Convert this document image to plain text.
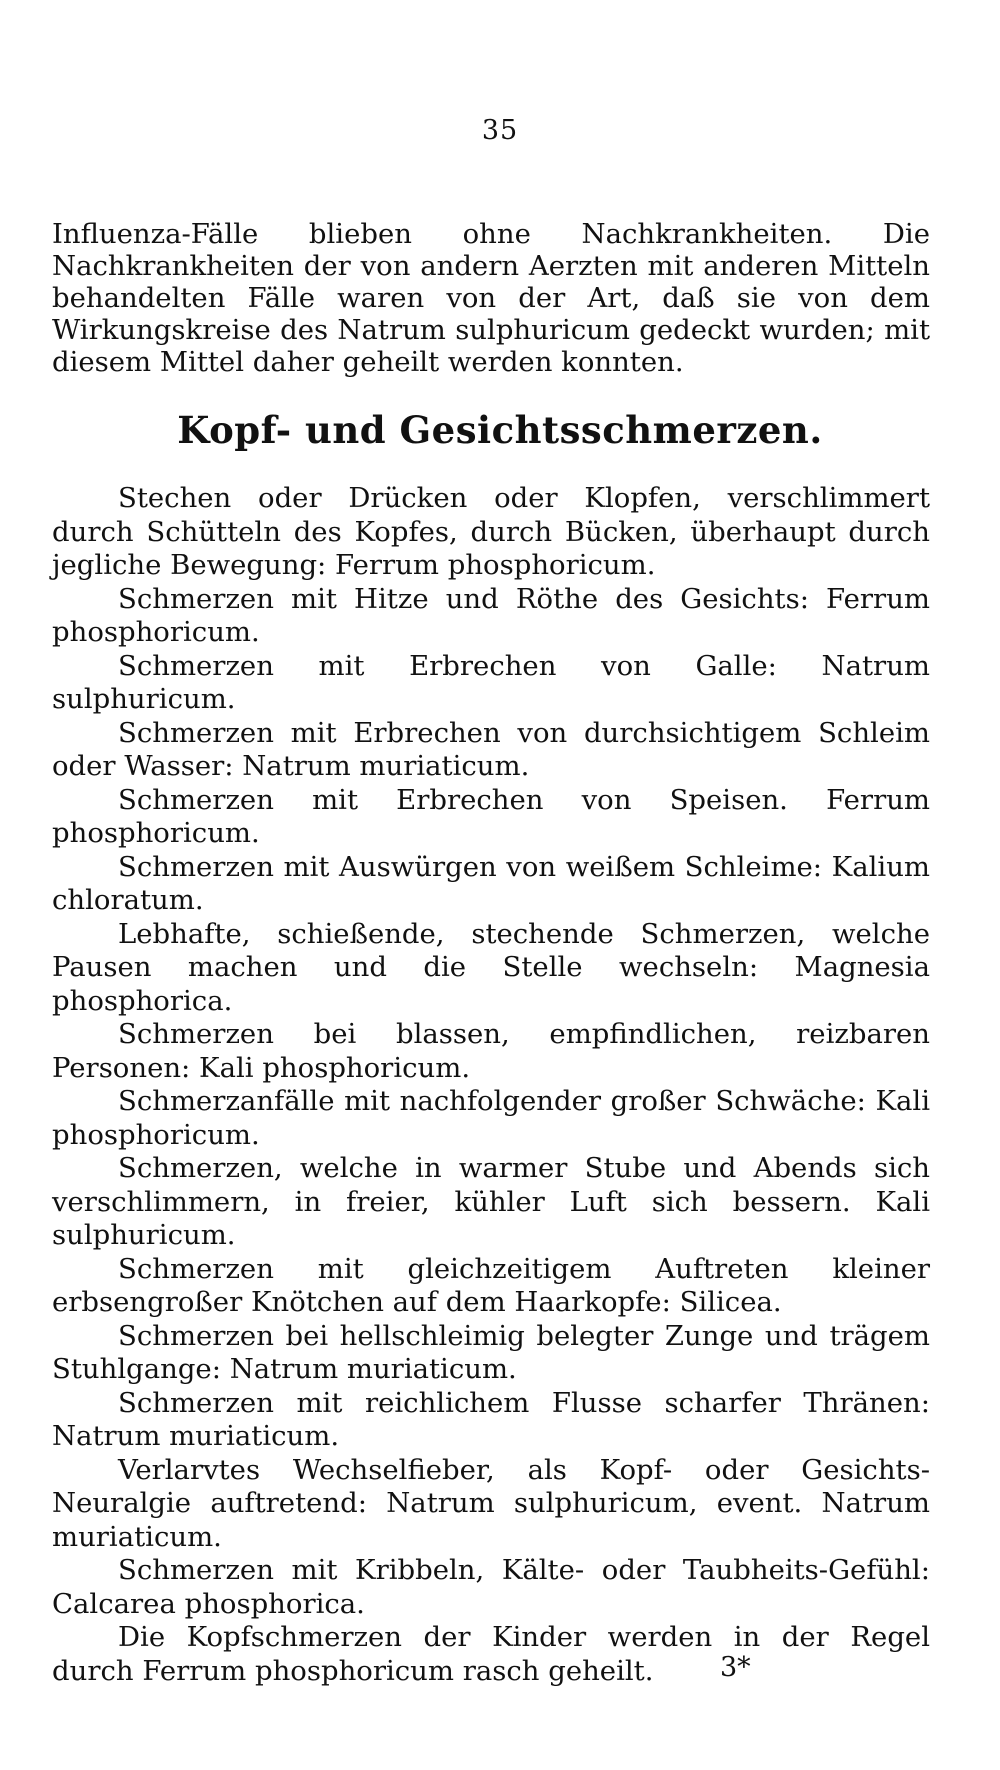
35

Influenza-Fälle blieben ohne Nachkrankheiten. Die Nachkrankheiten der von andern Aerzten mit anderen Mitteln behandelten Fälle waren von der Art, daß sie von dem Wirkungskreise des Natrum sulphuricum gedeckt wurden; mit diesem Mittel daher geheilt werden konnten.

Kopf- und Gesichtsschmerzen.

Stechen oder Drücken oder Klopfen, verschlimmert durch Schütteln des Kopfes, durch Bücken, überhaupt durch jegliche Bewegung: Ferrum phosphoricum.

Schmerzen mit Hitze und Röthe des Gesichts: Ferrum phosphoricum.

Schmerzen mit Erbrechen von Galle: Natrum sulphuricum.

Schmerzen mit Erbrechen von durchsichtigem Schleim oder Wasser: Natrum muriaticum.

Schmerzen mit Erbrechen von Speisen. Ferrum phosphoricum.

Schmerzen mit Auswürgen von weißem Schleime: Kalium chloratum.

Lebhafte, schießende, stechende Schmerzen, welche Pausen machen und die Stelle wechseln: Magnesia phosphorica.

Schmerzen bei blassen, empfindlichen, reizbaren Personen: Kali phosphoricum.

Schmerzanfälle mit nachfolgender großer Schwäche: Kali phosphoricum.

Schmerzen, welche in warmer Stube und Abends sich verschlimmern, in freier, kühler Luft sich bessern. Kali sulphuricum.

Schmerzen mit gleichzeitigem Auftreten kleiner erbsengroßer Knötchen auf dem Haarkopfe: Silicea.

Schmerzen bei hellschleimig belegter Zunge und trägem Stuhlgange: Natrum muriaticum.

Schmerzen mit reichlichem Flusse scharfer Thränen: Natrum muriaticum.

Verlarvtes Wechselfieber, als Kopf- oder Gesichts-Neuralgie auftretend: Natrum sulphuricum, event. Natrum muriaticum.

Schmerzen mit Kribbeln, Kälte- oder Taubheits-Gefühl: Calcarea phosphorica.

Die Kopfschmerzen der Kinder werden in der Regel durch Ferrum phosphoricum rasch geheilt.	3*
